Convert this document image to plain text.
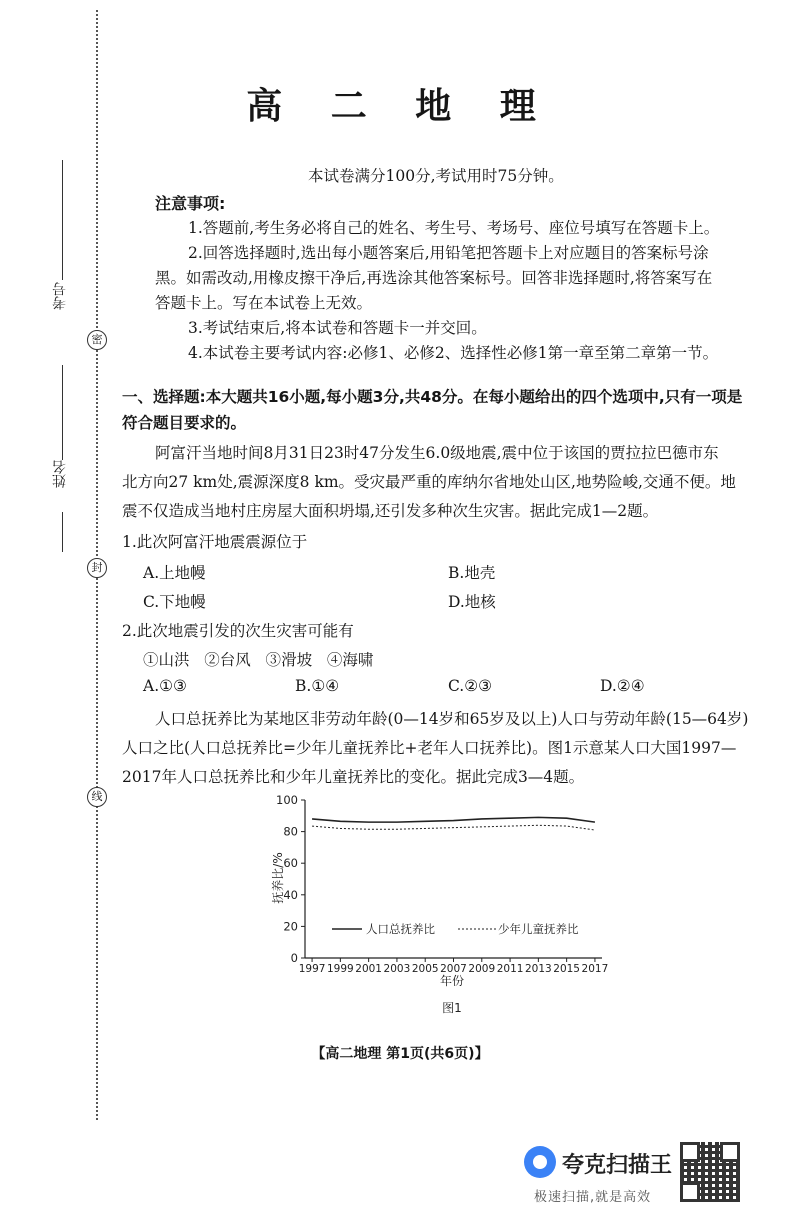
考号
姓名
密
封
线
高 二 地 理
本试卷满分100分,考试用时75分钟。
注意事项:
1.答题前,考生务必将自己的姓名、考生号、考场号、座位号填写在答题卡上。
2.回答选择题时,选出每小题答案后,用铅笔把答题卡上对应题目的答案标号涂
黑。如需改动,用橡皮擦干净后,再选涂其他答案标号。回答非选择题时,将答案写在
答题卡上。写在本试卷上无效。
3.考试结束后,将本试卷和答题卡一并交回。
4.本试卷主要考试内容:必修1、必修2、选择性必修1第一章至第二章第一节。
一、选择题:本大题共16小题,每小题3分,共48分。在每小题给出的四个选项中,只有一项是
符合题目要求的。
阿富汗当地时间8月31日23时47分发生6.0级地震,震中位于该国的贾拉拉巴德市东
北方向27 km处,震源深度8 km。受灾最严重的库纳尔省地处山区,地势险峻,交通不便。地
震不仅造成当地村庄房屋大面积坍塌,还引发多种次生灾害。据此完成1—2题。
1.此次阿富汗地震震源位于
A.上地幔	B.地壳
C.下地幔	D.地核
2.此次地震引发的次生灾害可能有
①山洪   ②台风   ③滑坡   ④海啸
A.①③	B.①④	C.②③	D.②④
人口总抚养比为某地区非劳动年龄(0—14岁和65岁及以上)人口与劳动年龄(15—64岁)
人口之比(人口总抚养比=少年儿童抚养比+老年人口抚养比)。图1示意某人口大国1997—
2017年人口总抚养比和少年儿童抚养比的变化。据此完成3—4题。
抚养比/%
0
20
40
60
80
100
1997 1999 2001 2003 2005 2007 2009 2011 2013 2015 2017
人口总抚养比	少年儿童抚养比
年份
图1
【高二地理 第1页(共6页)】
夸克扫描王
极速扫描,就是高效
